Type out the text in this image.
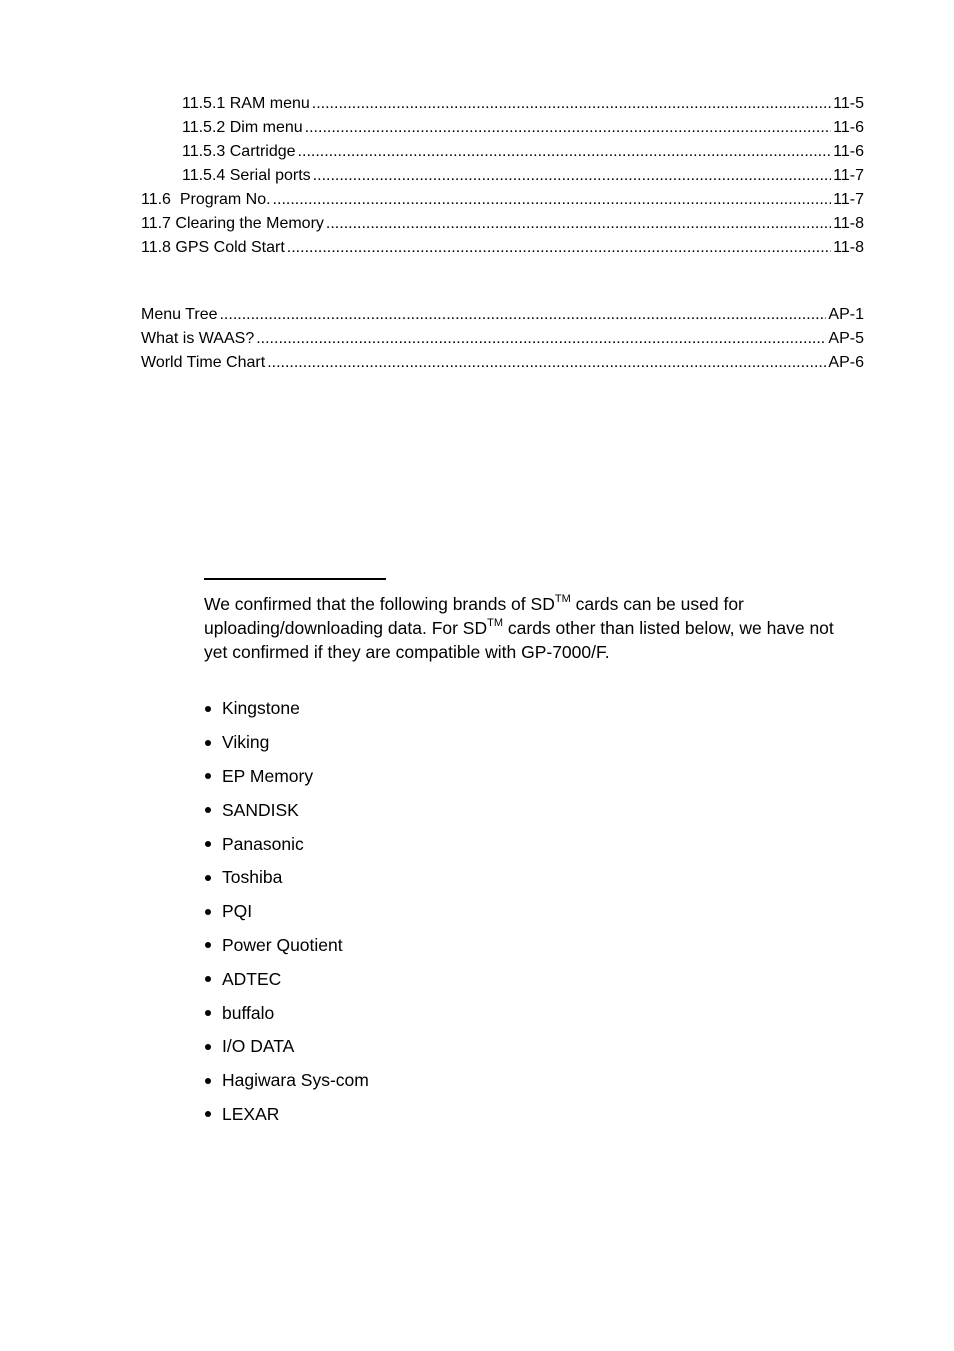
11.5.1 RAM menu .....	11-5
11.5.2 Dim menu .....	11-6
11.5.3 Cartridge .....	11-6
11.5.4 Serial ports .....	11-7
11.6  Program No. .....	11-7
11.7 Clearing the Memory .....	11-8
11.8 GPS Cold Start .....	11-8
Menu Tree .....	AP-1
What is WAAS? .....	AP-5
World Time Chart .....	AP-6
We confirmed that the following brands of SD™ cards can be used for uploading/downloading data. For SD™ cards other than listed below, we have not yet confirmed if they are compatible with GP-7000/F.
Kingstone
Viking
EP Memory
SANDISK
Panasonic
Toshiba
PQI
Power Quotient
ADTEC
buffalo
I/O DATA
Hagiwara Sys-com
LEXAR
